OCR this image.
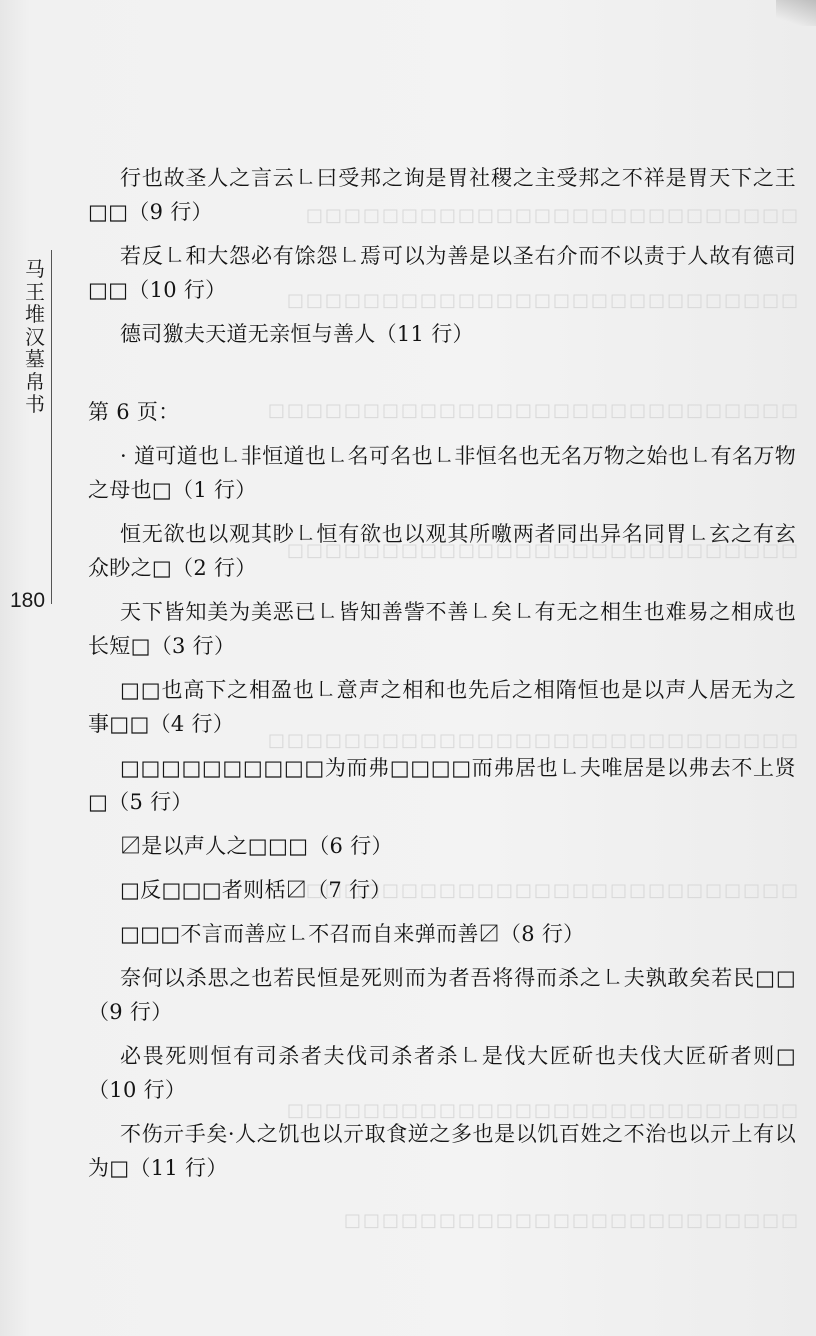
□□□□□□□□□□□□□□□□□□□□□□□□□□
□□□□□□□□□□□□□□□□□□□□□□□□□□□
□□□□□□□□□□□□□□□□□□□□□□□□□□□□
□□□□□□□□□□□□□□□□□□□□□□□□□□□
□□□□□□□□□□□□□□□□□□□□□□□□□□□□
□□□□□□□□□□□□□□□□□□□□□□□□□□
□□□□□□□□□□□□□□□□□□□□□□□□□□□
□□□□□□□□□□□□□□□□□□□□□□□□
马王堆汉墓帛书
180

行也故圣人之言云㇗曰受邦之询是胃社稷之主受邦之不祥是胃天下之王□□（9 行）

若反㇗和大怨必有馀怨㇗焉可以为善是以圣右介而不以责于人故有德司□□（10 行）

德司獥夫天道无亲恒与善人（11 行）

第 6 页：

· 道可道也㇗非恒道也㇗名可名也㇗非恒名也无名万物之始也㇗有名万物之母也□（1 行）

恒无欲也以观其眇㇗恒有欲也以观其所噭两者同出异名同胃㇗玄之有玄众眇之□（2 行）

天下皆知美为美恶已㇗皆知善訾不善㇗矣㇗有无之相生也难易之相成也长短□（3 行）

□□也高下之相盈也㇗意声之相和也先后之相隋恒也是以声人居无为之事□□（4 行）

□□□□□□□□□□为而弗□□□□而弗居也㇗夫唯居是以弗去不上贤□（5 行）

〼是以声人之□□□（6 行）

□反□□□者则栝〼（7 行）

□□□不言而善应㇗不召而自来弹而善〼（8 行）

奈何以杀思之也若民恒是死则而为者吾将得而杀之㇗夫孰敢矣若民□□（9 行）

必畏死则恒有司杀者夫伐司杀者杀㇗是伐大匠斫也夫伐大匠斫者则□（10 行）

不伤亓手矣·人之饥也以亓取食逆之多也是以饥百姓之不治也以亓上有以为□（11 行）
